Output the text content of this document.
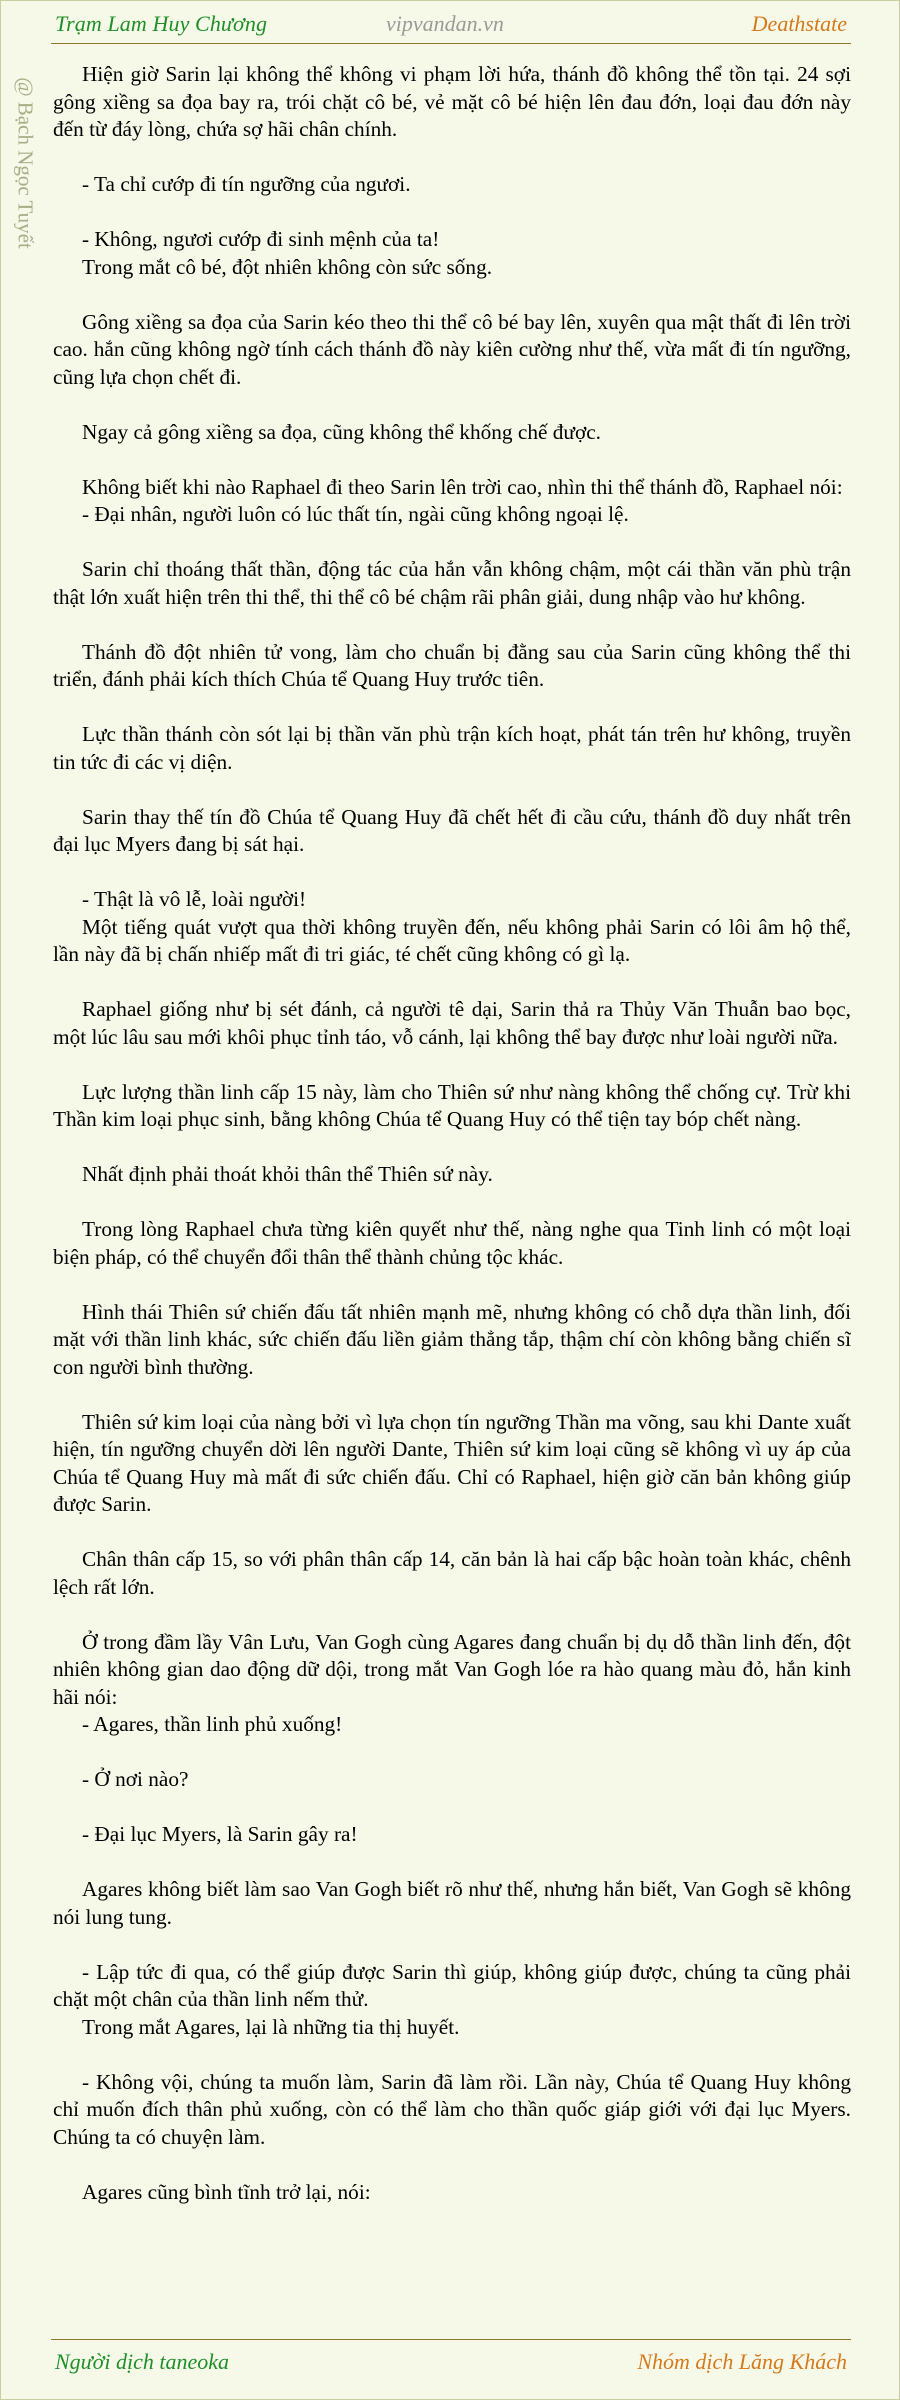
Trạm Lam Huy Chương	vipvandan.vn	Deathstate
@ Bạch Ngọc Tuyết

Hiện giờ Sarin lại không thể không vi phạm lời hứa, thánh đồ không thể tồn tại. 24 sợi gông xiềng sa đọa bay ra, trói chặt cô bé, vẻ mặt cô bé hiện lên đau đớn, loại đau đớn này đến từ đáy lòng, chứa sợ hãi chân chính.

- Ta chỉ cướp đi tín ngưỡng của ngươi.

- Không, ngươi cướp đi sinh mệnh của ta!

Trong mắt cô bé, đột nhiên không còn sức sống.

Gông xiềng sa đọa của Sarin kéo theo thi thể cô bé bay lên, xuyên qua mật thất đi lên trời cao. hắn cũng không ngờ tính cách thánh đồ này kiên cường như thế, vừa mất đi tín ngưỡng, cũng lựa chọn chết đi.

Ngay cả gông xiềng sa đọa, cũng không thể khống chế được.

Không biết khi nào Raphael đi theo Sarin lên trời cao, nhìn thi thể thánh đồ, Raphael nói:

- Đại nhân, người luôn có lúc thất tín, ngài cũng không ngoại lệ.

Sarin chỉ thoáng thất thần, động tác của hắn vẫn không chậm, một cái thần văn phù trận thật lớn xuất hiện trên thi thể, thi thể cô bé chậm rãi phân giải, dung nhập vào hư không.

Thánh đồ đột nhiên tử vong, làm cho chuẩn bị đằng sau của Sarin cũng không thể thi triển, đánh phải kích thích Chúa tể Quang Huy trước tiên.

Lực thần thánh còn sót lại bị thần văn phù trận kích hoạt, phát tán trên hư không, truyền tin tức đi các vị diện.

Sarin thay thế tín đồ Chúa tể Quang Huy đã chết hết đi cầu cứu, thánh đồ duy nhất trên đại lục Myers đang bị sát hại.

- Thật là vô lễ, loài người!

Một tiếng quát vượt qua thời không truyền đến, nếu không phải Sarin có lôi âm hộ thể, lần này đã bị chấn nhiếp mất đi tri giác, té chết cũng không có gì lạ.

Raphael giống như bị sét đánh, cả người tê dại, Sarin thả ra Thủy Văn Thuẫn bao bọc, một lúc lâu sau mới khôi phục tỉnh táo, vỗ cánh, lại không thể bay được như loài người nữa.

Lực lượng thần linh cấp 15 này, làm cho Thiên sứ như nàng không thể chống cự. Trừ khi Thần kim loại phục sinh, bằng không Chúa tể Quang Huy có thể tiện tay bóp chết nàng.

Nhất định phải thoát khỏi thân thể Thiên sứ này.

Trong lòng Raphael chưa từng kiên quyết như thế, nàng nghe qua Tinh linh có một loại biện pháp, có thể chuyển đổi thân thể thành chủng tộc khác.

Hình thái Thiên sứ chiến đấu tất nhiên mạnh mẽ, nhưng không có chỗ dựa thần linh, đối mặt với thần linh khác, sức chiến đấu liền giảm thẳng tắp, thậm chí còn không bằng chiến sĩ con người bình thường.

Thiên sứ kim loại của nàng bởi vì lựa chọn tín ngưỡng Thần ma võng, sau khi Dante xuất hiện, tín ngưỡng chuyển dời lên người Dante, Thiên sứ kim loại cũng sẽ không vì uy áp của Chúa tể Quang Huy mà mất đi sức chiến đấu. Chỉ có Raphael, hiện giờ căn bản không giúp được Sarin.

Chân thân cấp 15, so với phân thân cấp 14, căn bản là hai cấp bậc hoàn toàn khác, chênh lệch rất lớn.

Ở trong đầm lầy Vân Lưu, Van Gogh cùng Agares đang chuẩn bị dụ dỗ thần linh đến, đột nhiên không gian dao động dữ dội, trong mắt Van Gogh lóe ra hào quang màu đỏ, hắn kinh hãi nói:

- Agares, thần linh phủ xuống!

- Ở nơi nào?

- Đại lục Myers, là Sarin gây ra!

Agares không biết làm sao Van Gogh biết rõ như thế, nhưng hắn biết, Van Gogh sẽ không nói lung tung.

- Lập tức đi qua, có thể giúp được Sarin thì giúp, không giúp được, chúng ta cũng phải chặt một chân của thần linh nếm thử.

Trong mắt Agares, lại là những tia thị huyết.

- Không vội, chúng ta muốn làm, Sarin đã làm rồi. Lần này, Chúa tể Quang Huy không chỉ muốn đích thân phủ xuống, còn có thể làm cho thần quốc giáp giới với đại lục Myers. Chúng ta có chuyện làm.

Agares cũng bình tĩnh trở lại, nói:

Người dịch taneoka	Nhóm dịch Lăng Khách
